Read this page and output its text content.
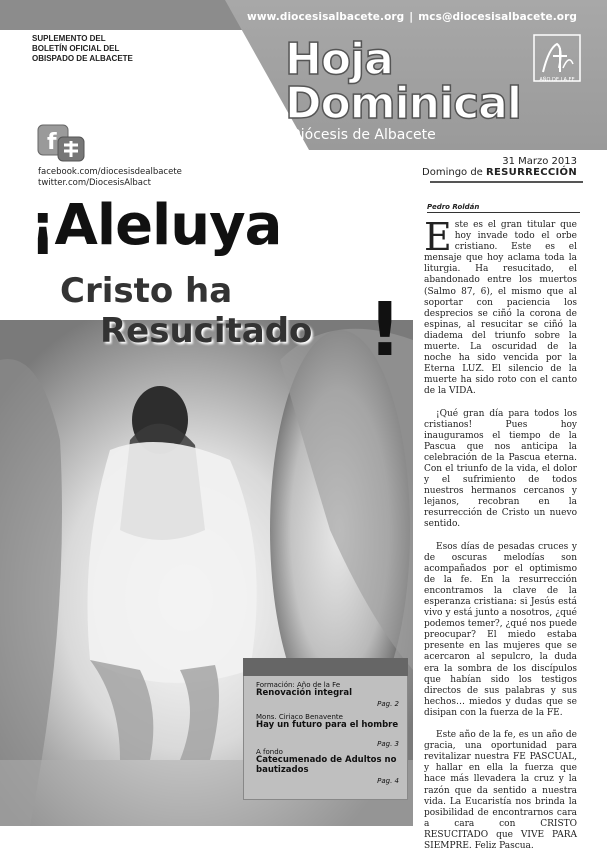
www.diocesisalbacete.org | mcs@diocesisalbacete.org
SUPLEMENTO DEL
BOLETÍN OFICIAL DEL
OBISPADO DE ALBACETE	Hoja
Dominical
Diócesis de Albacete
AÑO DE LA FE
31 Marzo 2013
Domingo de RESURRECCIÓN
f
facebook.com/diocesisdealbacete
twitter.com/DiocesisAlbact
¡Aleluya
Cristo ha
Resucitado !
Pedro Roldán

Este es el gran titular que hoy invade todo el orbe cristiano. Este es el mensaje que hoy aclama toda la liturgia. Ha resucitado, el abandonado entre los muertos (Salmo 87, 6), el mismo que al soportar con paciencia los desprecios se ciñó la corona de espinas, al resucitar se ciñó la diadema del triunfo sobre la muerte. La oscuridad de la noche ha sido vencida por la Eterna LUZ. El silencio de la muerte ha sido roto con el canto de la VIDA.

¡Qué gran día para todos los cristianos! Pues hoy inauguramos el tiempo de la Pascua que nos anticipa la celebración de la Pascua eterna. Con el triunfo de la vida, el dolor y el sufrimiento de todos nuestros hermanos cercanos y lejanos, recobran en la resurrección de Cristo un nuevo sentido.

Esos días de pesadas cruces y de oscuras melodías son acompañados por el optimismo de la fe. En la resurrección encontramos la clave de la esperanza cristiana: si Jesús está vivo y está junto a nosotros, ¿qué podemos temer?, ¿qué nos puede preocupar? El miedo estaba presente en las mujeres que se acercaron al sepulcro, la duda era la sombra de los discípulos que habían sido los testigos directos de sus palabras y sus hechos… miedos y dudas que se disipan con la fuerza de la FE.

Este año de la fe, es un año de gracia, una oportunidad para revitalizar nuestra FE PASCUAL, y hallar en ella la fuerza que hace más llevadera la cruz y la razón que da sentido a nuestra vida. La Eucaristía nos brinda la posibilidad de encontrarnos cara a cara con CRISTO RESUCITADO que VIVE PARA SIEMPRE. Feliz Pascua.

Formación: Año de la Fe
Renovación integral
Pag. 2
Mons. Ciriaco Benavente
Hay un futuro para el hombre
Pag. 3
A fondo
Catecumenado de Adultos no bautizados
Pag. 4
